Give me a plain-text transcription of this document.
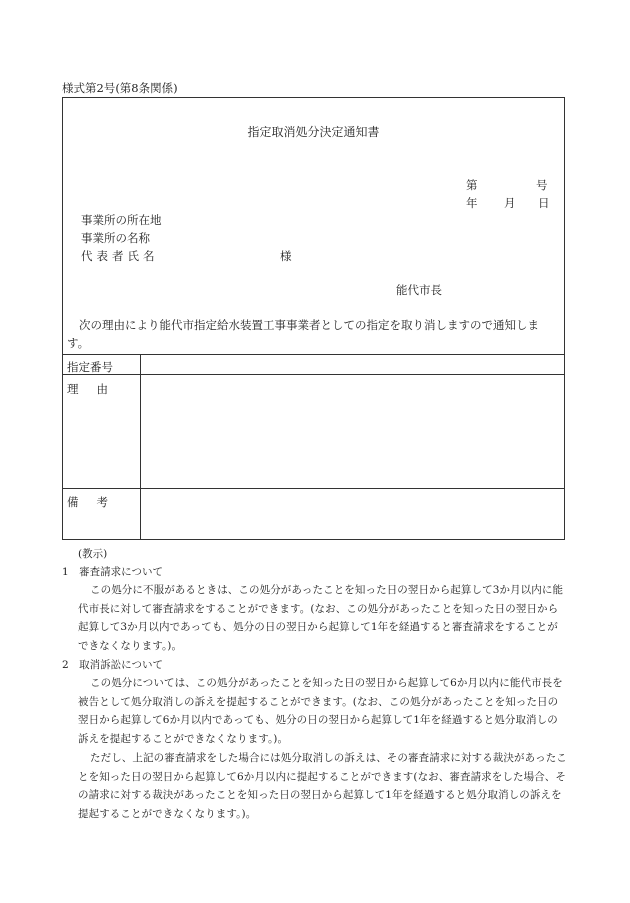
様式第2号(第8条関係)
指定取消処分決定通知書
第	号
年 月 日
事業所の所在地
事業所の名称
代表者氏名	様
能代市長
次の理由により能代市指定給水装置工事事業者としての指定を取り消しますので通知します。
指定番号
理由
備考
(教示)
1　審査請求について
この処分に不服があるときは、この処分があったことを知った日の翌日から起算して3か月以内に能代市長に対して審査請求をすることができます。(なお、この処分があったことを知った日の翌日から起算して3か月以内であっても、処分の日の翌日から起算して1年を経過すると審査請求をすることができなくなります。)。
2　取消訴訟について
この処分については、この処分があったことを知った日の翌日から起算して6か月以内に能代市長を被告として処分取消しの訴えを提起することができます。(なお、この処分があったことを知った日の翌日から起算して6か月以内であっても、処分の日の翌日から起算して1年を経過すると処分取消しの訴えを提起することができなくなります。)。
ただし、上記の審査請求をした場合には処分取消しの訴えは、その審査請求に対する裁決があったことを知った日の翌日から起算して6か月以内に提起することができます(なお、審査請求をした場合、その請求に対する裁決があったことを知った日の翌日から起算して1年を経過すると処分取消しの訴えを提起することができなくなります。)。
